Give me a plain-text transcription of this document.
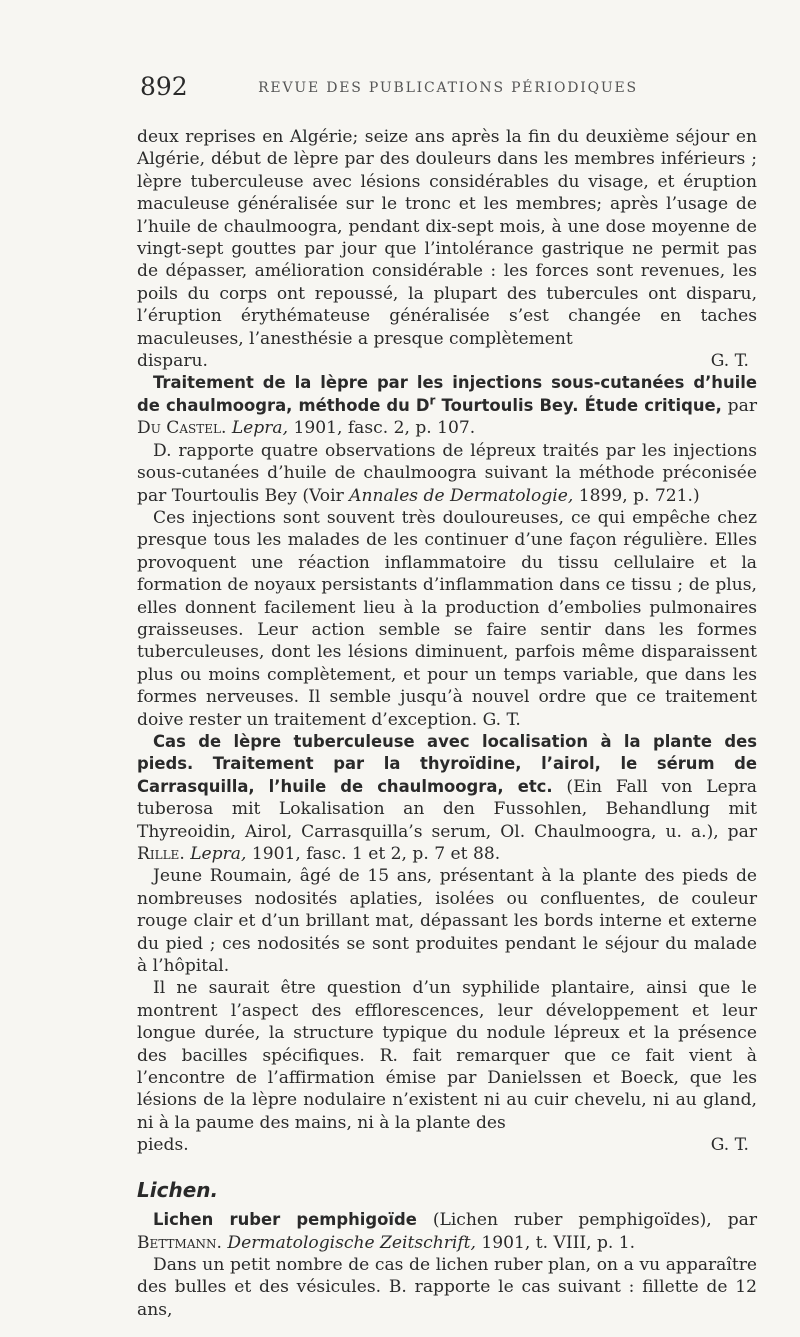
892	REVUE DES PUBLICATIONS PÉRIODIQUES

deux reprises en Algérie; seize ans après la fin du deuxième séjour en Algérie, début de lèpre par des douleurs dans les membres inférieurs ; lèpre tuberculeuse avec lésions considérables du visage, et éruption maculeuse généralisée sur le tronc et les membres; après l’usage de l’huile de chaulmoogra, pendant dix-sept mois, à une dose moyenne de vingt-sept gouttes par jour que l’intolérance gastrique ne permit pas de dépasser, amélioration considérable : les forces sont revenues, les poils du corps ont repoussé, la plupart des tubercules ont disparu, l’éruption érythémateuse généralisée s’est changée en taches maculeuses, l’anesthésie a presque complètement

disparu.	G. T.

Traitement de la lèpre par les injections sous-cutanées d’huile de chaulmoogra, méthode du $D^r$ Tourtoulis Bey. Étude critique, par Du Castel. Lepra, 1901, fasc. 2, p. 107.

D. rapporte quatre observations de lépreux traités par les injections sous-cutanées d’huile de chaulmoogra suivant la méthode préconisée par Tourtoulis Bey (Voir Annales de Dermatologie, 1899, p. 721.)

Ces injections sont souvent très douloureuses, ce qui empêche chez presque tous les malades de les continuer d’une façon régulière. Elles provoquent une réaction inflammatoire du tissu cellulaire et la formation de noyaux persistants d’inflammation dans ce tissu ; de plus, elles donnent facilement lieu à la production d’embolies pulmonaires graisseuses. Leur action semble se faire sentir dans les formes tuberculeuses, dont les lésions diminuent, parfois même disparaissent plus ou moins complètement, et pour un temps variable, que dans les formes nerveuses. Il semble jusqu’à nouvel ordre que ce traitement doive rester un traitement d’exception. G. T.

Cas de lèpre tuberculeuse avec localisation à la plante des pieds. Traitement par la thyroïdine, l’airol, le sérum de Carrasquilla, l’huile de chaulmoogra, etc. (Ein Fall von Lepra tuberosa mit Lokalisation an den Fussohlen, Behandlung mit Thyreoidin, Airol, Carrasquilla’s serum, Ol. Chaulmoogra, u. a.), par Rille. Lepra, 1901, fasc. 1 et 2, p. 7 et 88.

Jeune Roumain, âgé de 15 ans, présentant à la plante des pieds de nombreuses nodosités aplaties, isolées ou confluentes, de couleur rouge clair et d’un brillant mat, dépassant les bords interne et externe du pied ; ces nodosités se sont produites pendant le séjour du malade à l’hôpital.

Il ne saurait être question d’un syphilide plantaire, ainsi que le montrent l’aspect des efflorescences, leur développement et leur longue durée, la structure typique du nodule lépreux et la présence des bacilles spécifiques. R. fait remarquer que ce fait vient à l’encontre de l’affirmation émise par Danielssen et Boeck, que les lésions de la lèpre nodulaire n’existent ni au cuir chevelu, ni au gland, ni à la paume des mains, ni à la plante des

pieds.	G. T.

Lichen.

Lichen ruber pemphigoïde (Lichen ruber pemphigoïdes), par Bettmann. Dermatologische Zeitschrift, 1901, t. VIII, p. 1.

Dans un petit nombre de cas de lichen ruber plan, on a vu apparaître des bulles et des vésicules. B. rapporte le cas suivant : fillette de 12 ans,
